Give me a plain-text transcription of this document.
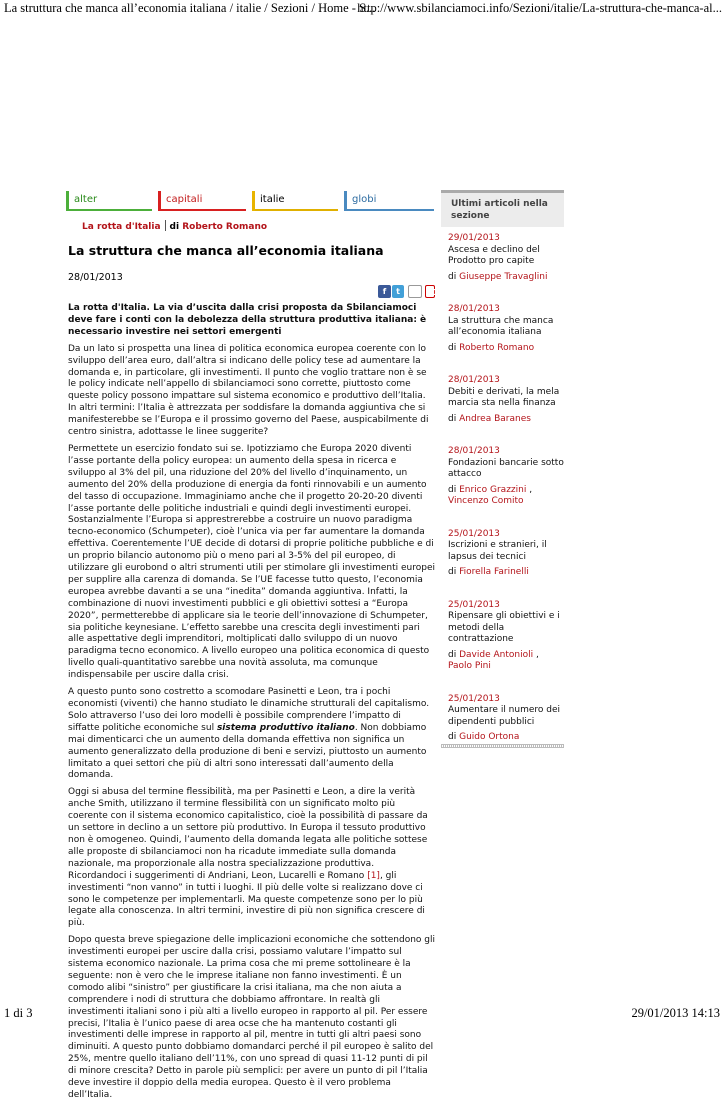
La struttura che manca all’economia italiana / italie / Sezioni / Home - S...
http://www.sbilanciamoci.info/Sezioni/italie/La-struttura-che-manca-al...
alter	capitali	italie	globi
La rotta d'Italia di Roberto Romano
La struttura che manca all’economia italiana
28/01/2013
f	t	✉ PDF

La rotta d'Italia. La via d’uscita dalla crisi proposta da Sbilanciamoci deve fare i conti con la debolezza della struttura produttiva italiana: è necessario investire nei settori emergenti

Da un lato si prospetta una linea di politica economica europea coerente con lo sviluppo dell’area euro, dall’altra si indicano delle policy tese ad aumentare la domanda e, in particolare, gli investimenti. Il punto che voglio trattare non è se le policy indicate nell’appello di sbilanciamoci sono corrette, piuttosto come queste policy possono impattare sul sistema economico e produttivo dell’Italia. In altri termini: l’Italia è attrezzata per soddisfare la domanda aggiuntiva che si manifesterebbe se l’Europa e il prossimo governo del Paese, auspicabilmente di centro sinistra, adottasse le linee suggerite?

Permettete un esercizio fondato sui se. Ipotizziamo che Europa 2020 diventi l’asse portante della policy europea: un aumento della spesa in ricerca e sviluppo al 3% del pil, una riduzione del 20% del livello d’inquinamento, un aumento del 20% della produzione di energia da fonti rinnovabili e un aumento del tasso di occupazione. Immaginiamo anche che il progetto 20-20-20 diventi l’asse portante delle politiche industriali e quindi degli investimenti europei. Sostanzialmente l’Europa si apprestrerebbe a costruire un nuovo paradigma tecno-economico (Schumpeter), cioè l’unica via per far aumentare la domanda effettiva. Coerentemente l’UE decide di dotarsi di proprie politiche pubbliche e di un proprio bilancio autonomo più o meno pari al 3-5% del pil europeo, di utilizzare gli eurobond o altri strumenti utili per stimolare gli investimenti europei per supplire alla carenza di domanda. Se l’UE facesse tutto questo, l’economia europea avrebbe davanti a se una “inedita” domanda aggiuntiva. Infatti, la combinazione di nuovi investimenti pubblici e gli obiettivi sottesi a “Europa 2020”, permetterebbe di applicare sia le teorie dell’innovazione di Schumpeter, sia politiche keynesiane. L’effetto sarebbe una crescita degli investimenti pari alle aspettative degli imprenditori, moltiplicati dallo sviluppo di un nuovo paradigma tecno economico. A livello europeo una politica economica di questo livello quali-quantitativo sarebbe una novità assoluta, ma comunque indispensabile per uscire dalla crisi.

A questo punto sono costretto a scomodare Pasinetti e Leon, tra i pochi economisti (viventi) che hanno studiato le dinamiche strutturali del capitalismo. Solo attraverso l’uso dei loro modelli è possibile comprendere l’impatto di siffatte politiche economiche sul sistema produttivo italiano. Non dobbiamo mai dimenticarci che un aumento della domanda effettiva non significa un aumento generalizzato della produzione di beni e servizi, piuttosto un aumento limitato a quei settori che più di altri sono interessati dall’aumento della domanda.

Oggi si abusa del termine flessibilità, ma per Pasinetti e Leon, a dire la verità anche Smith, utilizzano il termine flessibilità con un significato molto più coerente con il sistema economico capitalistico, cioè la possibilità di passare da un settore in declino a un settore più produttivo. In Europa il tessuto produttivo non è omogeneo. Quindi, l’aumento della domanda legata alle politiche sottese alle proposte di sbilanciamoci non ha ricadute immediate sulla domanda nazionale, ma proporzionale alla nostra specializzazione produttiva. Ricordandoci i suggerimenti di Andriani, Leon, Lucarelli e Romano [1], gli investimenti “non vanno” in tutti i luoghi. Il più delle volte si realizzano dove ci sono le competenze per implementarli. Ma queste competenze sono per lo più legate alla conoscenza. In altri termini, investire di più non significa crescere di più.

Dopo questa breve spiegazione delle implicazioni economiche che sottendono gli investimenti europei per uscire dalla crisi, possiamo valutare l’impatto sul sistema economico nazionale. La prima cosa che mi preme sottolineare è la seguente: non è vero che le imprese italiane non fanno investimenti. È un comodo alibi “sinistro” per giustificare la crisi italiana, ma che non aiuta a comprendere i nodi di struttura che dobbiamo affrontare. In realtà gli investimenti italiani sono i più alti a livello europeo in rapporto al pil. Per essere precisi, l’Italia è l’unico paese di area ocse che ha mantenuto costanti gli investimenti delle imprese in rapporto al pil, mentre in tutti gli altri paesi sono diminuiti. A questo punto dobbiamo domandarci perché il pil europeo è salito del 25%, mentre quello italiano dell’11%, con uno spread di quasi 11-12 punti di pil di minore crescita? Detto in parole più semplici: per avere un punto di pil l’Italia deve investire il doppio della media europea. Questo è il vero problema dell’Italia.

Ultimi articoli nella sezione
29/01/2013
Ascesa e declino del Prodotto pro capite
di Giuseppe Travaglini
28/01/2013
La struttura che manca all’economia italiana
di Roberto Romano
28/01/2013
Debiti e derivati, la mela marcia sta nella finanza
di Andrea Baranes
28/01/2013
Fondazioni bancarie sotto attacco
di Enrico Grazzini ,
Vincenzo Comito
25/01/2013
Iscrizioni e stranieri, il lapsus dei tecnici
di Fiorella Farinelli
25/01/2013
Ripensare gli obiettivi e i metodi della contrattazione
di Davide Antonioli , Paolo Pini
25/01/2013
Aumentare il numero dei dipendenti pubblici
di Guido Ortona
1 di 3	29/01/2013 14:13
